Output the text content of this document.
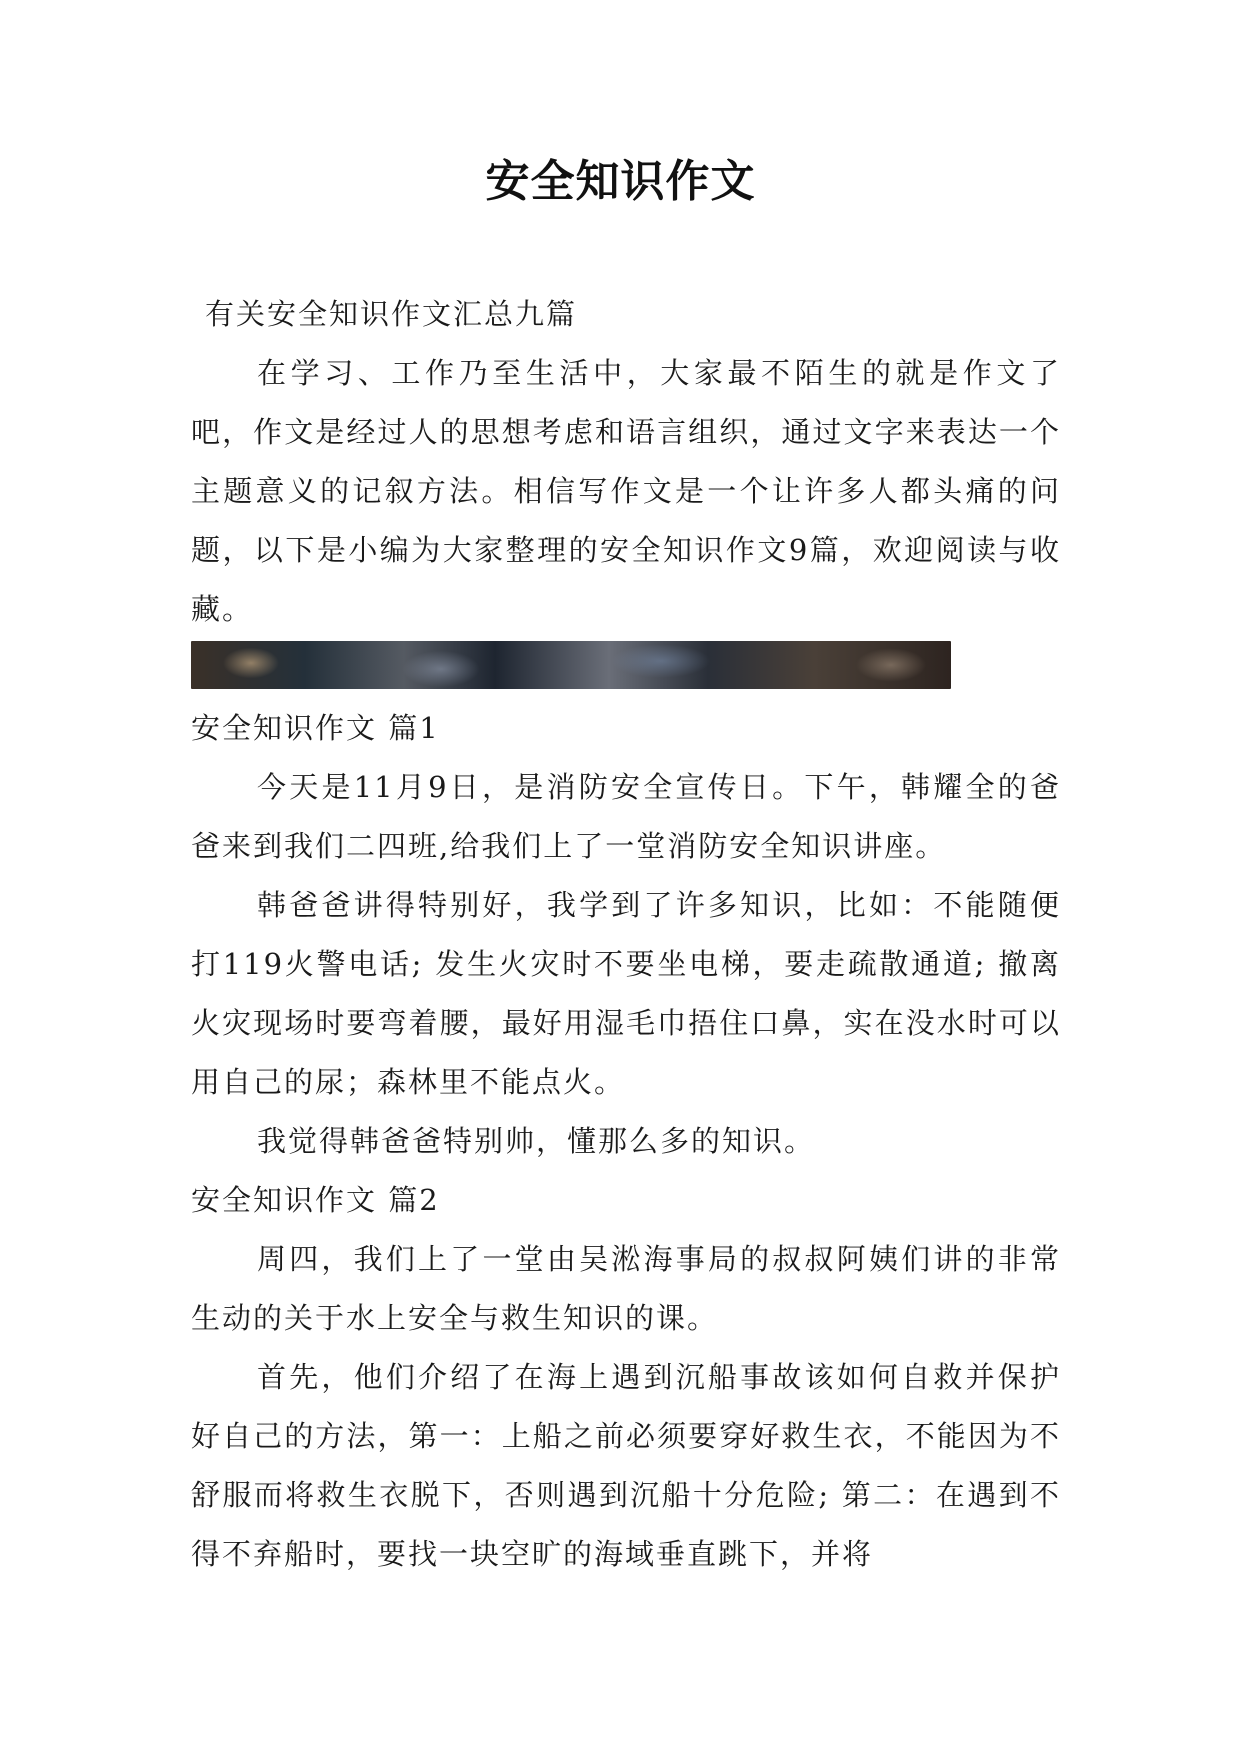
安全知识作文

有关安全知识作文汇总九篇

在学习、工作乃至生活中，大家最不陌生的就是作文了吧，作文是经过人的思想考虑和语言组织，通过文字来表达一个主题意义的记叙方法。相信写作文是一个让许多人都头痛的问题，以下是小编为大家整理的安全知识作文9篇，欢迎阅读与收藏。

安全知识作文 篇1

今天是11月9日，是消防安全宣传日。下午，韩耀全的爸爸来到我们二四班,给我们上了一堂消防安全知识讲座。

韩爸爸讲得特别好，我学到了许多知识，比如：不能随便打119火警电话; 发生火灾时不要坐电梯，要走疏散通道; 撤离火灾现场时要弯着腰，最好用湿毛巾捂住口鼻，实在没水时可以用自己的尿；森林里不能点火。

我觉得韩爸爸特别帅，懂那么多的知识。

安全知识作文 篇2

周四，我们上了一堂由吴淞海事局的叔叔阿姨们讲的非常生动的关于水上安全与救生知识的课。

首先，他们介绍了在海上遇到沉船事故该如何自救并保护好自己的方法，第一：上船之前必须要穿好救生衣，不能因为不舒服而将救生衣脱下，否则遇到沉船十分危险; 第二：在遇到不得不弃船时，要找一块空旷的海域垂直跳下，并将
